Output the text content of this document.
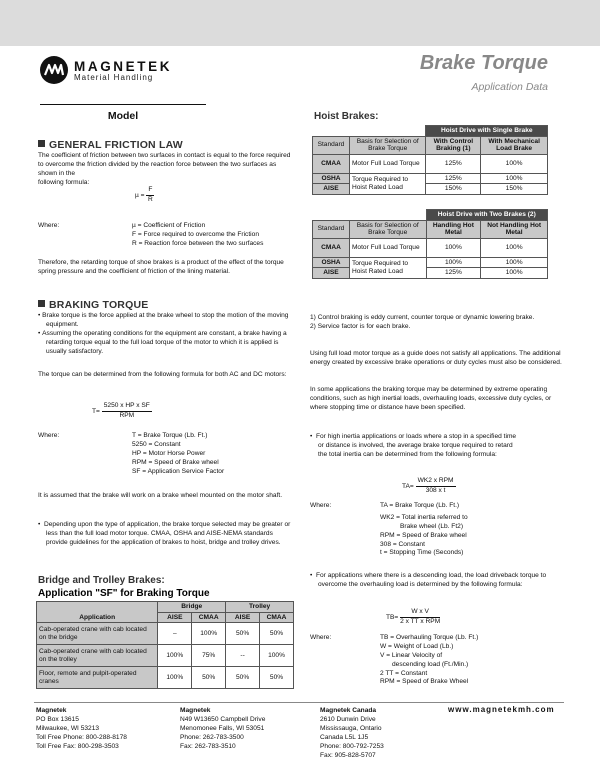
MAGNETEK
Material Handling
Brake Torque
Application Data
Model
GENERAL FRICTION LAW

The coefficient of friction between two surfaces in contact is equal to the force required to overcome the friction divided by the reaction force between the two surfaces as shown in the

following formula:

$\mu = \frac{F}{R}$
Where:	µ = Coefficient of Friction
F = Force required to overcome the Friction
R = Reaction force between the two surfaces
Therefore, the retarding torque of shoe brakes is a product of the effect of the torque spring pressure and the coefficient of friction of the lining material.
BRAKING TORQUE

• Brake torque is the force applied at the brake wheel to stop the motion of the moving equipment.

• Assuming the operating conditions for the equipment are constant, a brake having a retarding torque equal to the full load torque of the motor to which it is applied is usually satisfactory.

The torque can be determined from the following formula for both AC and DC motors:
$T= \frac{\text{5250 x HP x SF}}{\text{RPM}}$
Where:	T = Brake Torque (Lb. Ft.)
5250 = Constant
HP = Motor Horse Power
RPM = Speed of Brake wheel
SF = Application Service Factor
It is assumed that the brake will work on a brake wheel mounted on the motor shaft.

•  Depending upon the type of application, the brake torque selected may be greater or less than the full load motor torque. CMAA, OSHA and AISE-NEMA standards provide guidelines for the application of brakes to hoist, bridge and trolley drives.

Bridge and Trolley Brakes:
Application "SF" for Braking Torque
Application	Bridge		Trolley	
	AISE	CMAA	AISE	CMAA
Cab-operated crane with cab located on the bridge	–	100%	50%	50%
Cab-operated crane with cab located on the trolley	100%	75%	--	100%
Floor, remote and pulpit-operated cranes	100%	50%	50%	50%
Hoist Brakes:
		Hoist Drive with Single Brake	
Standard	Basis for Selection of Brake Torque	With Control Braking (1)	With Mechanical Load Brake
CMAA	Motor Full Load Torque	125%	100%
OSHA	Torque Required to Hoist Rated Load	125%	100%
AISE		150%	150%
		Hoist Drive with Two Brakes (2)	
Standard	Basis for Selection of Brake Torque	Handling Hot Metal	Not Handling Hot Metal
CMAA	Motor Full Load Torque	100%	100%
OSHA	Torque Required to Hoist Rated Load	100%	100%
AISE		125%	100%

1) Control braking is eddy current, counter torque or dynamic lowering brake.

2) Service factor is for each brake.

Using full load motor torque as a guide does not satisfy all applications. The additional energy created by excessive brake operations or duty cycles must also be considered.
In some applications the braking torque may be determined by extreme operating conditions, such as high inertial loads, overhauling loads, excessive duty cycles, or where stopping time or distance have been specified.

•  For high inertia applications or loads where a stop in a specified time or distance is involved, the average brake torque required to retard the total inertia can be determined from the following formula:

$TA= \frac{\text{WK2 x RPM}}{\text{308 x t}}$
Where:	TA = Brake Torque (Lb. Ft.)
WK2 = Total inertia referred to
Brake wheel (Lb. Ft2)
RPM = Speed of Brake wheel
308 = Constant
t = Stopping Time (Seconds)

•  For applications where there is a descending load, the load driveback torque to overcome the overhauling load is determined by the following formula:

$TB= \frac{\text{W x V}}{\text{2 x TT x RPM}}$
Where:	TB = Overhauling Torque (Lb. Ft.)
W = Weight of Load (Lb.)
V = Linear Velocity of
descending load (Ft./Min.)
2 TT = Constant
RPM = Speed of Brake Wheel
Magnetek
PO Box 13615
Milwaukee, WI 53213
Toll Free Phone: 800-288-8178
Toll Free Fax: 800-298-3503
Magnetek
N49 W13650 Campbell Drive
Menomonee Falls, WI 53051
Phone: 262-783-3500
Fax: 262-783-3510
Magnetek Canada
2610 Dunwin Drive
Mississauga, Ontario
Canada L5L 1J5
Phone: 800-792-7253
Fax: 905-828-5707
www.magnetekmh.com
